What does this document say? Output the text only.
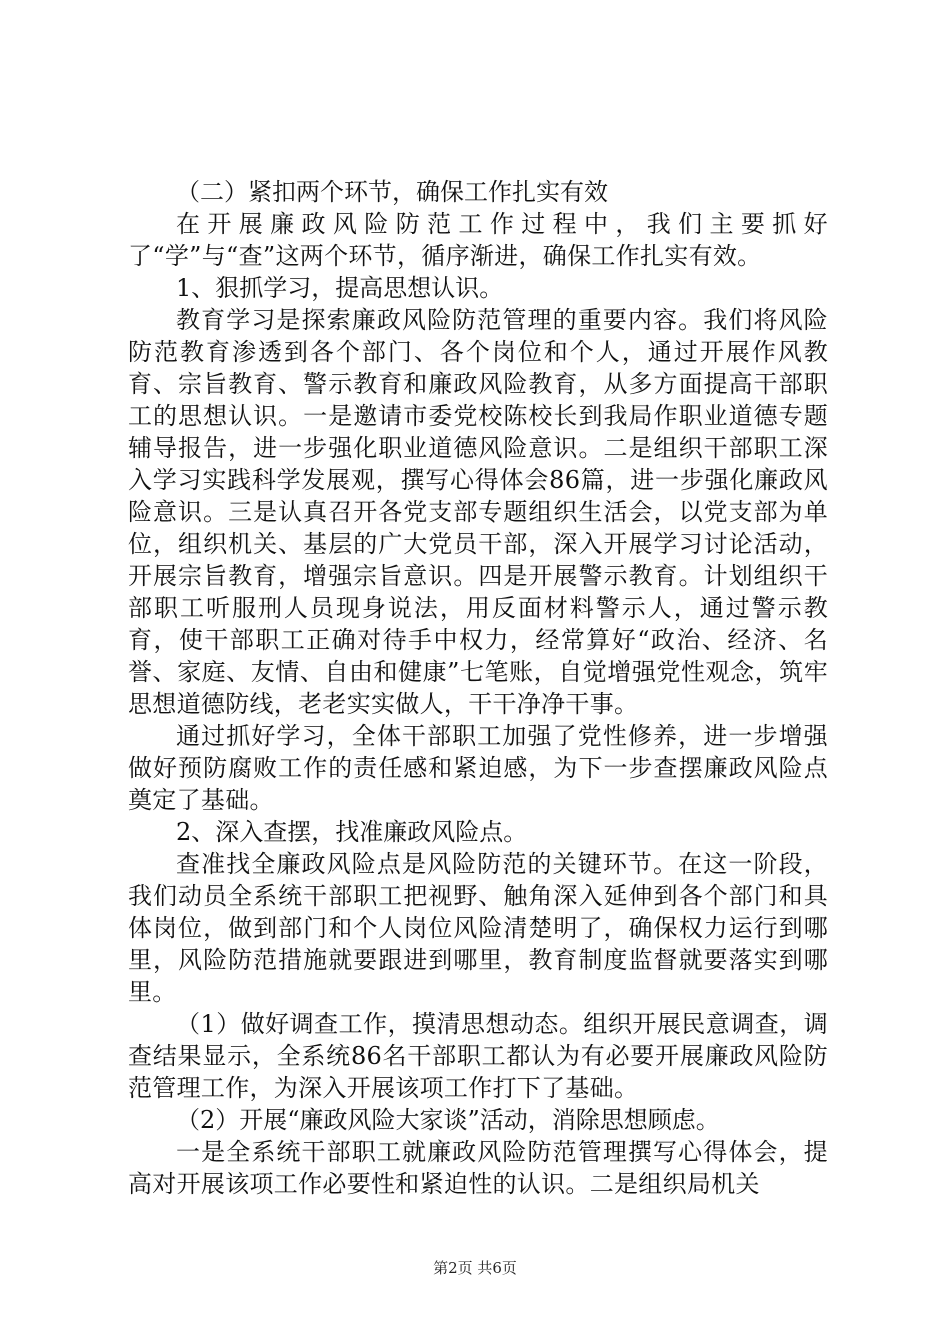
（二）紧扣两个环节，确保工作扎实有效

在开展廉政风险防范工作过程中，我们主要抓好了“学”与“查”这两个环节，循序渐进，确保工作扎实有效。

1、狠抓学习，提高思想认识。

教育学习是探索廉政风险防范管理的重要内容。我们将风险防范教育渗透到各个部门、各个岗位和个人，通过开展作风教育、宗旨教育、警示教育和廉政风险教育，从多方面提高干部职工的思想认识。一是邀请市委党校陈校长到我局作职业道德专题辅导报告，进一步强化职业道德风险意识。二是组织干部职工深入学习实践科学发展观，撰写心得体会86篇，进一步强化廉政风险意识。三是认真召开各党支部专题组织生活会，以党支部为单位，组织机关、基层的广大党员干部，深入开展学习讨论活动，开展宗旨教育，增强宗旨意识。四是开展警示教育。计划组织干部职工听服刑人员现身说法，用反面材料警示人，通过警示教育，使干部职工正确对待手中权力，经常算好“政治、经济、名誉、家庭、友情、自由和健康”七笔账，自觉增强党性观念，筑牢思想道德防线，老老实实做人，干干净净干事。

通过抓好学习，全体干部职工加强了党性修养，进一步增强做好预防腐败工作的责任感和紧迫感，为下一步查摆廉政风险点奠定了基础。

2、深入查摆，找准廉政风险点。

查准找全廉政风险点是风险防范的关键环节。在这一阶段，我们动员全系统干部职工把视野、触角深入延伸到各个部门和具体岗位，做到部门和个人岗位风险清楚明了，确保权力运行到哪里，风险防范措施就要跟进到哪里，教育制度监督就要落实到哪里。

（1）做好调查工作，摸清思想动态。组织开展民意调查，调查结果显示，全系统86名干部职工都认为有必要开展廉政风险防范管理工作，为深入开展该项工作打下了基础。

（2）开展“廉政风险大家谈”活动，消除思想顾虑。

一是全系统干部职工就廉政风险防范管理撰写心得体会，提高对开展该项工作必要性和紧迫性的认识。二是组织局机关

第2页 共6页
